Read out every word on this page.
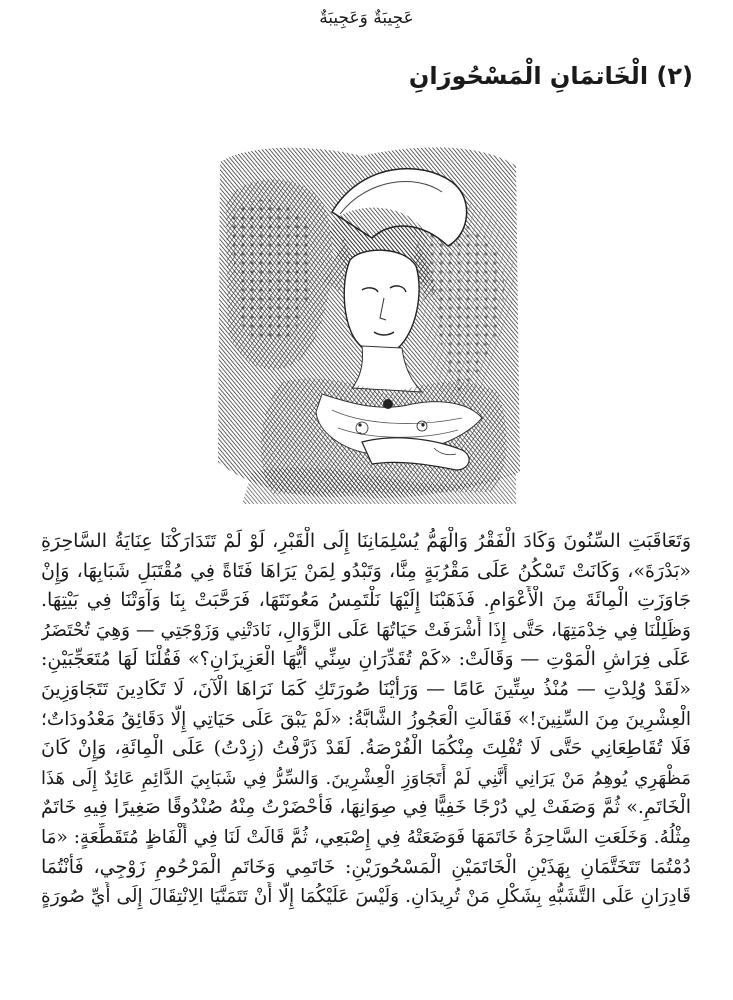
عَجِيبَةٌ وَعَجِيبَةٌ
(٢) الْخَاتمَانِ الْمَسْحُورَانِ
وَتَعَاقَبَتِ السِّنُونَ وَكَادَ الْفَقْرُ وَالْهَمُّ يُسْلِمَانِنَا إِلَى الْقَبْرِ، لَوْ لَمْ تَتَدَارَكْنَا عِنَايَةُ السَّاحِرَةِ
«بَدْرَةَ»، وَكَانَتْ تَسْكُنُ عَلَى مَقْرُبَةٍ مِنَّا، وَتَبْدُو لِمَنْ يَرَاهَا فَتَاةً فِي مُقْتَبَلِ شَبَابِهَا، وَإِنْ
جَاوَزَتِ الْمِائَةَ مِنَ الْأَعْوَامِ. فَذَهَبْنَا إِلَيْهَا نَلْتَمِسُ مَعُونَتَهَا، فَرَحَّبَتْ بِنَا وَآوَتْنَا فِي بَيْتِهَا.
وَظَلِلْنَا فِي خِدْمَتِهَا، حَتَّى إِذَا أَشْرَفَتْ حَيَاتُهَا عَلَى الزَّوَالِ، نَادَتْنِي وَزَوْجَتِي — وَهِيَ تُحْتَضَرُ
عَلَى فِرَاشِ الْمَوْتِ — وَقَالَتْ: «كَمْ تُقَدِّرَانِ سِنِّي أَيُّهَا الْعَزِيزَانِ؟» فَقُلْنَا لَهَا مُتَعَجِّبَيْنِ:
«لَقَدْ وُلِدْتِ — مُنْذُ سِتِّينَ عَامًا — وَرَأَيْنَا صُورَتَكِ كَمَا نَرَاهَا الْآنَ، لَا تَكَادِينَ تَتَجَاوَزِينَ
الْعِشْرِينَ مِنَ السِّنِينَ!» فَقَالَتِ الْعَجُوزُ الشَّابَّةُ: «لَمْ يَبْقَ عَلَى حَيَاتِي إِلَّا دَقَائِقُ مَعْدُودَاتٌ؛
فَلَا تُقَاطِعَانِي حَتَّى لَا تُفْلِتَ مِنْكُمَا الْفُرْصَةُ. لَقَدْ ذَرَّفْتُ (زِدْتُ) عَلَى الْمِائَةِ، وَإِنْ كَانَ
مَظْهَرِي يُوهِمُ مَنْ يَرَانِي أَنَّنِي لَمْ أَتَجَاوَزِ الْعِشْرِينَ. وَالسِّرُّ فِي شَبَابِيَ الدَّائِمِ عَائِدٌ إِلَى هَذَا
الْخَاتَمِ.» ثُمَّ وَصَفَتْ لِي دُرْجًا خَفِيًّا فِي صِوَانِهَا، فَأَحْضَرْتُ مِنْهُ صُنْدُوقًا صَغِيرًا فِيهِ خَاتَمٌ
مِثْلُهُ. وَخَلَعَتِ السَّاحِرَةُ خَاتَمَهَا فَوَضَعَتْهُ فِي إِصْبَعِي، ثُمَّ قَالَتْ لَنَا فِي أَلْفَاظٍ مُتَقَطِّعَةٍ: «مَا
دُمْتُمَا تَتَخَتَّمَانِ بِهَذَيْنِ الْخَاتَمَيْنِ الْمَسْحُورَيْنِ: خَاتَمِي وَخَاتَمِ الْمَرْحُومِ زَوْجِي، فَأَنْتُمَا
قَادِرَانِ عَلَى التَّشَبُّهِ بِشَكْلِ مَنْ تُرِيدَانِ. وَلَيْسَ عَلَيْكُمَا إِلَّا أَنْ تَتَمَنَّيَا الِانْتِقَالَ إِلَى أَيِّ صُورَةٍ
